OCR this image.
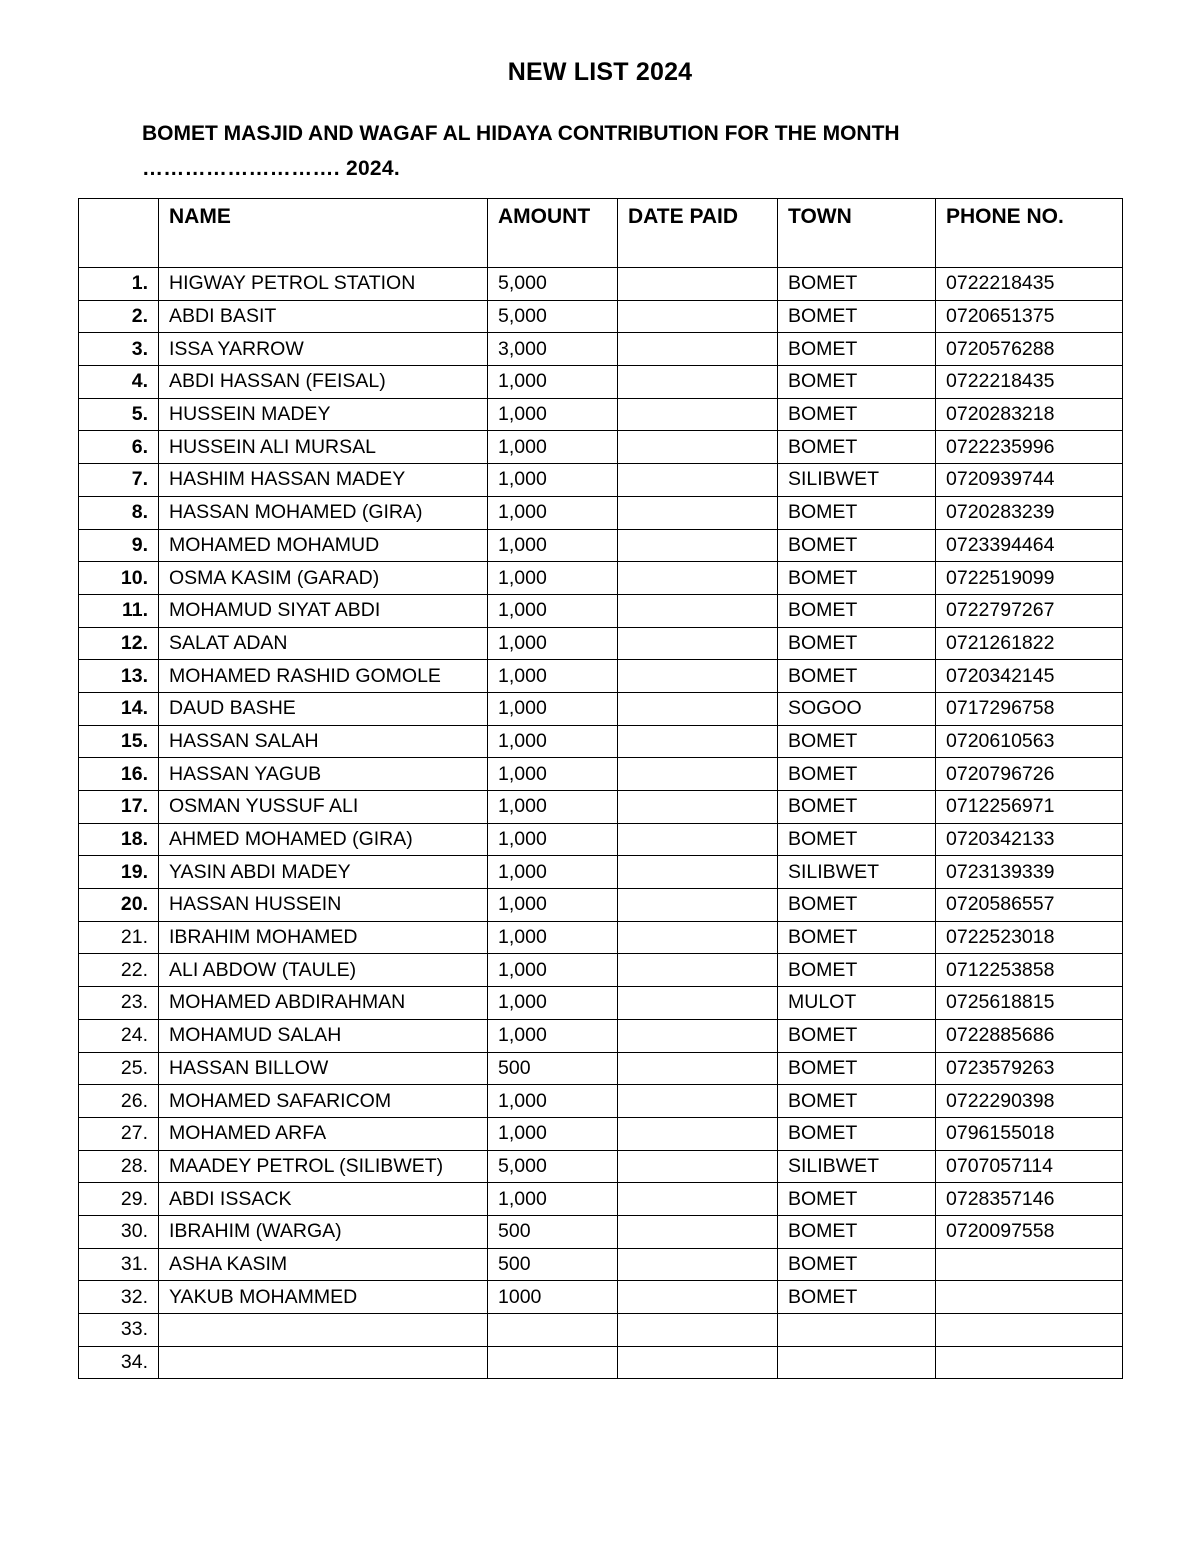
NEW LIST 2024
BOMET MASJID AND WAGAF AL HIDAYA CONTRIBUTION FOR THE MONTH
………………………. 2024.
	NAME	AMOUNT	DATE PAID	TOWN	PHONE NO.
1.	HIGWAY PETROL STATION	5,000		BOMET	0722218435
2.	ABDI BASIT	5,000		BOMET	0720651375
3.	ISSA YARROW	3,000		BOMET	0720576288
4.	ABDI HASSAN (FEISAL)	1,000		BOMET	0722218435
5.	HUSSEIN MADEY	1,000		BOMET	0720283218
6.	HUSSEIN ALI MURSAL	1,000		BOMET	0722235996
7.	HASHIM HASSAN MADEY	1,000		SILIBWET	0720939744
8.	HASSAN MOHAMED (GIRA)	1,000		BOMET	0720283239
9.	MOHAMED MOHAMUD	1,000		BOMET	0723394464
10.	OSMA KASIM (GARAD)	1,000		BOMET	0722519099
11.	MOHAMUD SIYAT ABDI	1,000		BOMET	0722797267
12.	SALAT ADAN	1,000		BOMET	0721261822
13.	MOHAMED RASHID GOMOLE	1,000		BOMET	0720342145
14.	DAUD BASHE	1,000		SOGOO	0717296758
15.	HASSAN SALAH	1,000		BOMET	0720610563
16.	HASSAN YAGUB	1,000		BOMET	0720796726
17.	OSMAN YUSSUF ALI	1,000		BOMET	0712256971
18.	AHMED MOHAMED (GIRA)	1,000		BOMET	0720342133
19.	YASIN ABDI MADEY	1,000		SILIBWET	0723139339
20.	HASSAN HUSSEIN	1,000		BOMET	0720586557
21.	IBRAHIM MOHAMED	1,000		BOMET	0722523018
22.	ALI ABDOW (TAULE)	1,000		BOMET	0712253858
23.	MOHAMED ABDIRAHMAN	1,000		MULOT	0725618815
24.	MOHAMUD SALAH	1,000		BOMET	0722885686
25.	HASSAN BILLOW	500		BOMET	0723579263
26.	MOHAMED SAFARICOM	1,000		BOMET	0722290398
27.	MOHAMED ARFA	1,000		BOMET	0796155018
28.	MAADEY PETROL (SILIBWET)	5,000		SILIBWET	0707057114
29.	ABDI ISSACK	1,000		BOMET	0728357146
30.	IBRAHIM (WARGA)	500		BOMET	0720097558
31.	ASHA KASIM	500		BOMET	
32.	YAKUB MOHAMMED	1000		BOMET	
33.					
34.					
